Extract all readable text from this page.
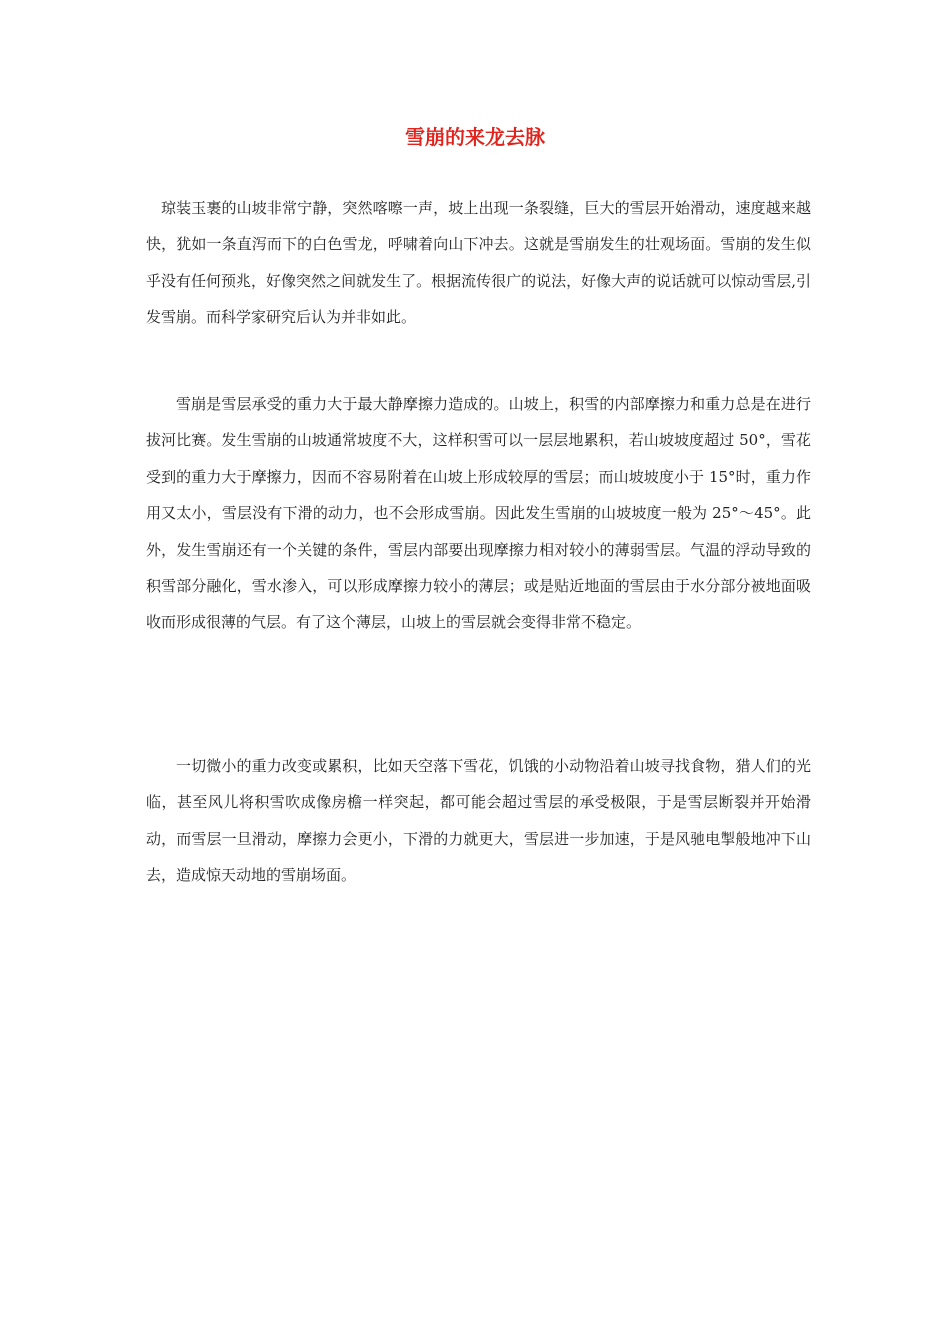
雪崩的来龙去脉

琼装玉裹的山坡非常宁静，突然喀嚓一声，坡上出现一条裂缝，巨大的雪层开始滑动，速度越来越快，犹如一条直泻而下的白色雪龙，呼啸着向山下冲去。这就是雪崩发生的壮观场面。雪崩的发生似乎没有任何预兆，好像突然之间就发生了。根据流传很广的说法，好像大声的说话就可以惊动雪层,引发雪崩。而科学家研究后认为并非如此。

雪崩是雪层承受的重力大于最大静摩擦力造成的。山坡上，积雪的内部摩擦力和重力总是在进行拔河比赛。发生雪崩的山坡通常坡度不大，这样积雪可以一层层地累积，若山坡坡度超过 50°，雪花受到的重力大于摩擦力，因而不容易附着在山坡上形成较厚的雪层；而山坡坡度小于 15°时，重力作用又太小，雪层没有下滑的动力，也不会形成雪崩。因此发生雪崩的山坡坡度一般为 25°～45°。此外，发生雪崩还有一个关键的条件，雪层内部要出现摩擦力相对较小的薄弱雪层。气温的浮动导致的积雪部分融化，雪水渗入，可以形成摩擦力较小的薄层；或是贴近地面的雪层由于水分部分被地面吸收而形成很薄的气层。有了这个薄层，山坡上的雪层就会变得非常不稳定。

一切微小的重力改变或累积，比如天空落下雪花，饥饿的小动物沿着山坡寻找食物，猎人们的光临，甚至风儿将积雪吹成像房檐一样突起，都可能会超过雪层的承受极限，于是雪层断裂并开始滑动，而雪层一旦滑动，摩擦力会更小，下滑的力就更大，雪层进一步加速，于是风驰电掣般地冲下山去，造成惊天动地的雪崩场面。
